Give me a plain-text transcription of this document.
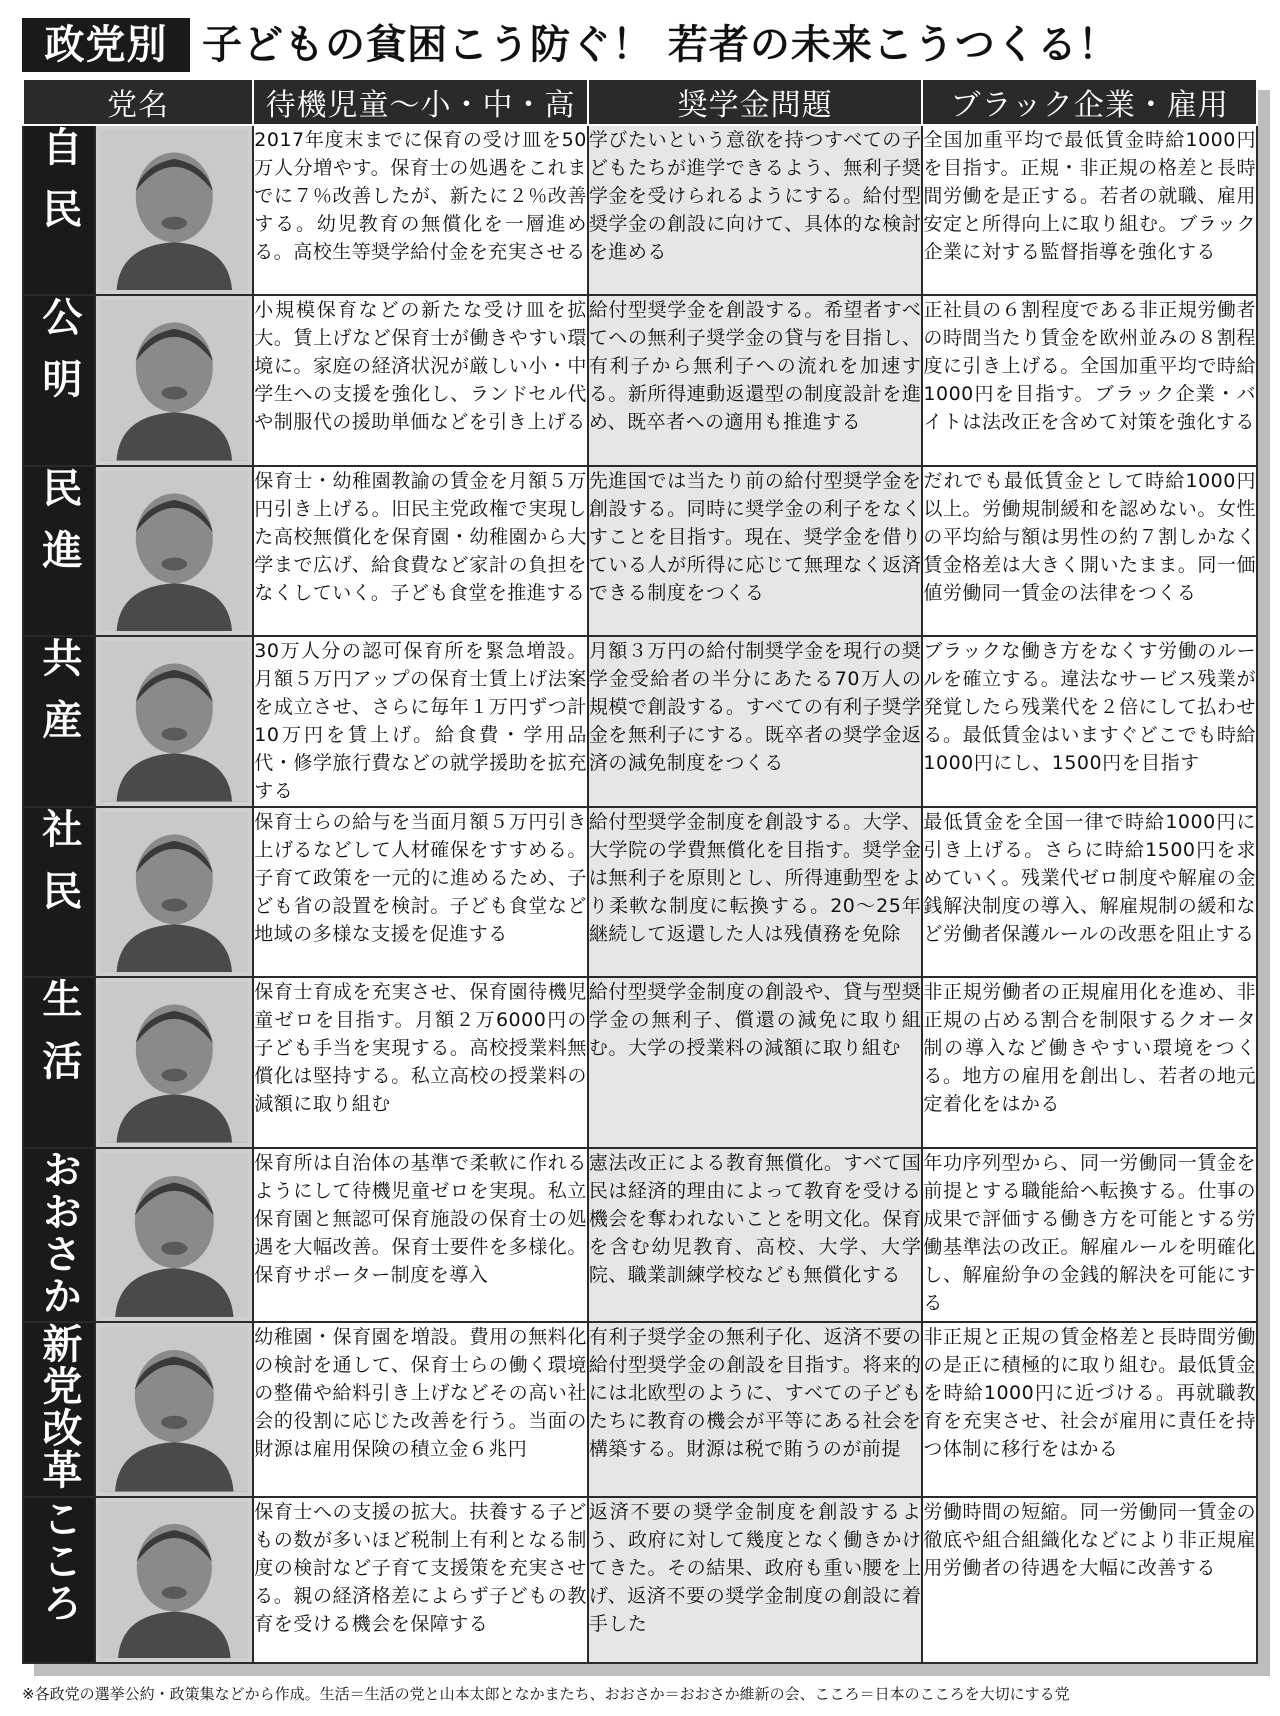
政党別 子どもの貧困こう防ぐ！ 若者の未来こうつくる！
党名		待機児童〜小・中・高	奨学金問題	ブラック企業・雇用
自民		2017年度末までに保育の受け皿を50万人分増やす。保育士の処遇をこれまでに７％改善したが、新たに２％改善する。幼児教育の無償化を一層進める。高校生等奨学給付金を充実させる	学びたいという意欲を持つすべての子どもたちが進学できるよう、無利子奨学金を受けられるようにする。給付型奨学金の創設に向けて、具体的な検討を進める	全国加重平均で最低賃金時給1000円を目指す。正規・非正規の格差と長時間労働を是正する。若者の就職、雇用安定と所得向上に取り組む。ブラック企業に対する監督指導を強化する
公明		小規模保育などの新たな受け皿を拡大。賃上げなど保育士が働きやすい環境に。家庭の経済状況が厳しい小・中学生への支援を強化し、ランドセル代や制服代の援助単価などを引き上げる	給付型奨学金を創設する。希望者すべてへの無利子奨学金の貸与を目指し、有利子から無利子への流れを加速する。新所得連動返還型の制度設計を進め、既卒者への適用も推進する	正社員の６割程度である非正規労働者の時間当たり賃金を欧州並みの８割程度に引き上げる。全国加重平均で時給1000円を目指す。ブラック企業・バイトは法改正を含めて対策を強化する
民進		保育士・幼稚園教諭の賃金を月額５万円引き上げる。旧民主党政権で実現した高校無償化を保育園・幼稚園から大学まで広げ、給食費など家計の負担をなくしていく。子ども食堂を推進する	先進国では当たり前の給付型奨学金を創設する。同時に奨学金の利子をなくすことを目指す。現在、奨学金を借りている人が所得に応じて無理なく返済できる制度をつくる	だれでも最低賃金として時給1000円以上。労働規制緩和を認めない。女性の平均給与額は男性の約７割しかなく賃金格差は大きく開いたまま。同一価値労働同一賃金の法律をつくる
共産		30万人分の認可保育所を緊急増設。月額５万円アップの保育士賃上げ法案を成立させ、さらに毎年１万円ずつ計10万円を賃上げ。給食費・学用品代・修学旅行費などの就学援助を拡充する	月額３万円の給付制奨学金を現行の奨学金受給者の半分にあたる70万人の規模で創設する。すべての有利子奨学金を無利子にする。既卒者の奨学金返済の減免制度をつくる	ブラックな働き方をなくす労働のルールを確立する。違法なサービス残業が発覚したら残業代を２倍にして払わせる。最低賃金はいますぐどこでも時給1000円にし、1500円を目指す
社民		保育士らの給与を当面月額５万円引き上げるなどして人材確保をすすめる。子育て政策を一元的に進めるため、子ども省の設置を検討。子ども食堂など地域の多様な支援を促進する	給付型奨学金制度を創設する。大学、大学院の学費無償化を目指す。奨学金は無利子を原則とし、所得連動型をより柔軟な制度に転換する。20〜25年継続して返還した人は残債務を免除	最低賃金を全国一律で時給1000円に引き上げる。さらに時給1500円を求めていく。残業代ゼロ制度や解雇の金銭解決制度の導入、解雇規制の緩和など労働者保護ルールの改悪を阻止する
生活		保育士育成を充実させ、保育園待機児童ゼロを目指す。月額２万6000円の子ども手当を実現する。高校授業料無償化は堅持する。私立高校の授業料の減額に取り組む	給付型奨学金制度の創設や、貸与型奨学金の無利子、償還の減免に取り組む。大学の授業料の減額に取り組む	非正規労働者の正規雇用化を進め、非正規の占める割合を制限するクオータ制の導入など働きやすい環境をつくる。地方の雇用を創出し、若者の地元定着化をはかる
おおさか		保育所は自治体の基準で柔軟に作れるようにして待機児童ゼロを実現。私立保育園と無認可保育施設の保育士の処遇を大幅改善。保育士要件を多様化。保育サポーター制度を導入	憲法改正による教育無償化。すべて国民は経済的理由によって教育を受ける機会を奪われないことを明文化。保育を含む幼児教育、高校、大学、大学院、職業訓練学校なども無償化する	年功序列型から、同一労働同一賃金を前提とする職能給へ転換する。仕事の成果で評価する働き方を可能とする労働基準法の改正。解雇ルールを明確化し、解雇紛争の金銭的解決を可能にする
新党改革		幼稚園・保育園を増設。費用の無料化の検討を通して、保育士らの働く環境の整備や給料引き上げなどその高い社会的役割に応じた改善を行う。当面の財源は雇用保険の積立金６兆円	有利子奨学金の無利子化、返済不要の給付型奨学金の創設を目指す。将来的には北欧型のように、すべての子どもたちに教育の機会が平等にある社会を構築する。財源は税で賄うのが前提	非正規と正規の賃金格差と長時間労働の是正に積極的に取り組む。最低賃金を時給1000円に近づける。再就職教育を充実させ、社会が雇用に責任を持つ体制に移行をはかる
こころ		保育士への支援の拡大。扶養する子どもの数が多いほど税制上有利となる制度の検討など子育て支援策を充実させる。親の経済格差によらず子どもの教育を受ける機会を保障する	返済不要の奨学金制度を創設するよう、政府に対して幾度となく働きかけてきた。その結果、政府も重い腰を上げ、返済不要の奨学金制度の創設に着手した	労働時間の短縮。同一労働同一賃金の徹底や組合組織化などにより非正規雇用労働者の待遇を大幅に改善する
※各政党の選挙公約・政策集などから作成。生活＝生活の党と山本太郎となかまたち、おおさか＝おおさか維新の会、こころ＝日本のこころを大切にする党
